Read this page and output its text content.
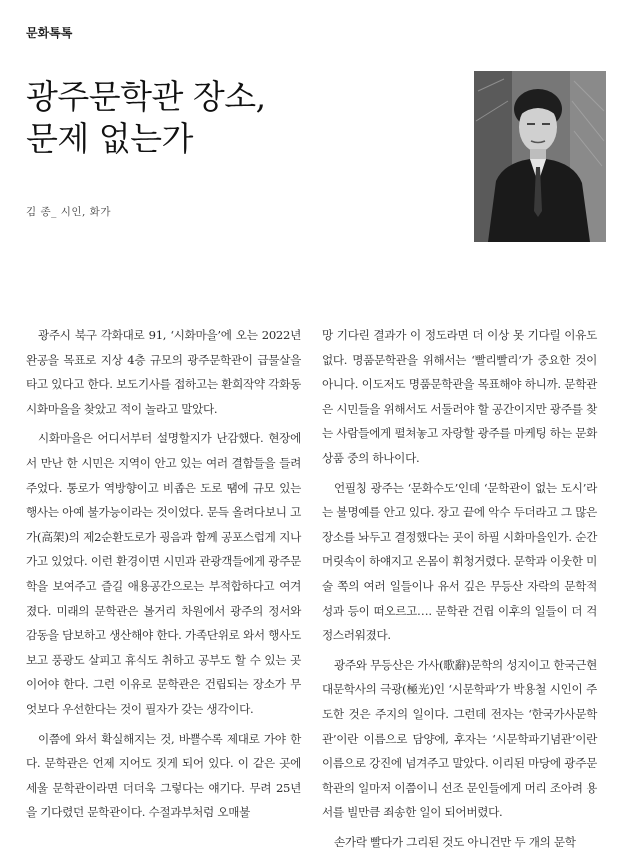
문화톡톡
광주문학관 장소,
문제 없는가
김 종_ 시인, 화가

광주시 북구 각화대로 91, ‘시화마을’에 오는 2022년 완공을 목표로 지상 4층 규모의 광주문학관이 급물살을 타고 있다고 한다. 보도기사를 접하고는 환희작약 각화동 시화마을을 찾았고 적이 놀라고 말았다.

시화마을은 어디서부터 설명할지가 난감했다. 현장에서 만난 한 시민은 지역이 안고 있는 여러 결함들을 들려주었다. 통로가 역방향이고 비좁은 도로 땜에 규모 있는 행사는 아예 불가능이라는 것이었다. 문득 올려다보니 고가(高架)의 제2순환도로가 굉음과 함께 공포스럽게 지나가고 있었다. 이런 환경이면 시민과 관광객들에게 광주문학을 보여주고 즐길 애용공간으로는 부적합하다고 여겨졌다. 미래의 문학관은 볼거리 차원에서 광주의 정서와 감동을 담보하고 생산해야 한다. 가족단위로 와서 행사도 보고 풍광도 살피고 휴식도 취하고 공부도 할 수 있는 곳이어야 한다. 그런 이유로 문학관은 건립되는 장소가 무엇보다 우선한다는 것이 필자가 갖는 생각이다.

이쯤에 와서 확실해지는 것, 바쁠수록 제대로 가야 한다. 문학관은 언제 지어도 짓게 되어 있다. 이 같은 곳에 세울 문학관이라면 더더욱 그렇다는 얘기다. 무려 25년을 기다렸던 문학관이다. 수절과부처럼 오매불

망 기다린 결과가 이 정도라면 더 이상 못 기다릴 이유도 없다. 명품문학관을 위해서는 ‘빨리빨리’가 중요한 것이 아니다. 이도저도 명품문학관을 목표해야 하니까. 문학관은 시민들을 위해서도 서둘러야 할 공간이지만 광주를 찾는 사람들에게 펼쳐놓고 자랑할 광주를 마케팅 하는 문화상품 중의 하나이다.

언필칭 광주는 ‘문화수도’인데 ‘문학관이 없는 도시’라는 불명예를 안고 있다. 장고 끝에 악수 두더라고 그 많은 장소를 놔두고 결정했다는 곳이 하필 시화마을인가. 순간 머릿속이 하얘지고 온몸이 휘청거렸다. 문학과 이웃한 미술 쪽의 여러 일들이나 유서 깊은 무등산 자락의 문학적 성과 등이 떠오르고…. 문학관 건립 이후의 일들이 더 걱정스러워졌다.

광주와 무등산은 가사(歌辭)문학의 성지이고 한국근현대문학사의 극광(極光)인 ‘시문학파’가 박용철 시인이 주도한 것은 주지의 일이다. 그런데 전자는 ‘한국가사문학관’이란 이름으로 담양에, 후자는 ‘시문학파기념관’이란 이름으로 강진에 넘겨주고 말았다. 이리된 마당에 광주문학관의 일마저 이쯤이니 선조 문인들에게 머리 조아려 용서를 빌만큼 죄송한 일이 되어버렸다.

손가락 빨다가 그리된 것도 아니건만 두 개의 문학
